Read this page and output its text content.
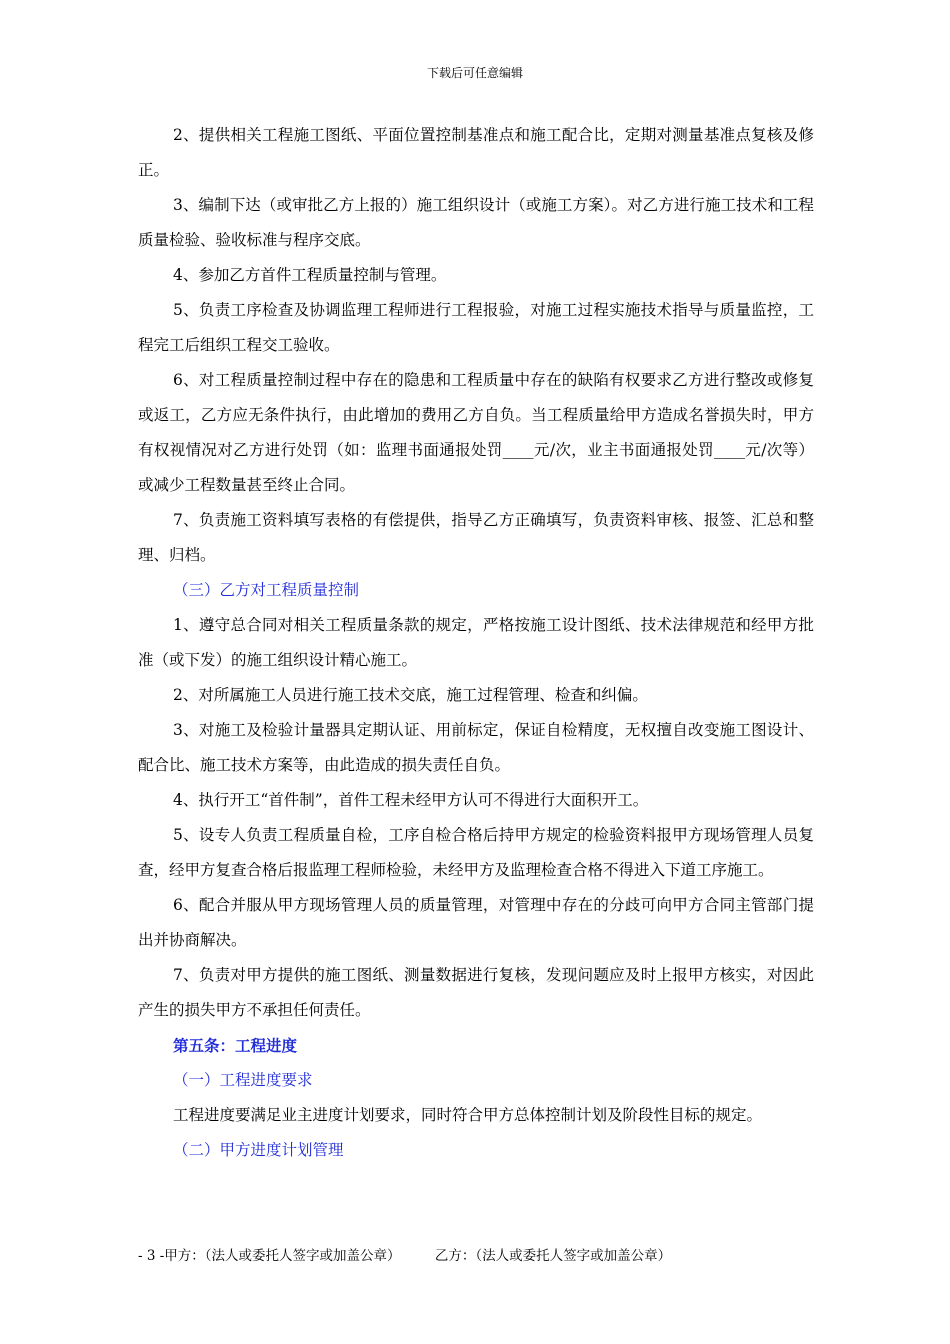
下载后可任意编辑

2、提供相关工程施工图纸、平面位置控制基准点和施工配合比，定期对测量基准点复核及修正。

3、编制下达（或审批乙方上报的）施工组织设计（或施工方案）。对乙方进行施工技术和工程质量检验、验收标准与程序交底。

4、参加乙方首件工程质量控制与管理。

5、负责工序检查及协调监理工程师进行工程报验，对施工过程实施技术指导与质量监控，工程完工后组织工程交工验收。

6、对工程质量控制过程中存在的隐患和工程质量中存在的缺陷有权要求乙方进行整改或修复或返工，乙方应无条件执行，由此增加的费用乙方自负。当工程质量给甲方造成名誉损失时，甲方有权视情况对乙方进行处罚（如：监理书面通报处罚____元/次，业主书面通报处罚____元/次等）或减少工程数量甚至终止合同。

7、负责施工资料填写表格的有偿提供，指导乙方正确填写，负责资料审核、报签、汇总和整理、归档。

（三）乙方对工程质量控制

1、遵守总合同对相关工程质量条款的规定，严格按施工设计图纸、技术法律规范和经甲方批准（或下发）的施工组织设计精心施工。

2、对所属施工人员进行施工技术交底，施工过程管理、检查和纠偏。

3、对施工及检验计量器具定期认证、用前标定，保证自检精度，无权擅自改变施工图设计、配合比、施工技术方案等，由此造成的损失责任自负。

4、执行开工“首件制”，首件工程未经甲方认可不得进行大面积开工。

5、设专人负责工程质量自检，工序自检合格后持甲方规定的检验资料报甲方现场管理人员复查，经甲方复查合格后报监理工程师检验，未经甲方及监理检查合格不得进入下道工序施工。

6、配合并服从甲方现场管理人员的质量管理，对管理中存在的分歧可向甲方合同主管部门提出并协商解决。

7、负责对甲方提供的施工图纸、测量数据进行复核，发现问题应及时上报甲方核实，对因此产生的损失甲方不承担任何责任。

第五条：工程进度

（一）工程进度要求

工程进度要满足业主进度计划要求，同时符合甲方总体控制计划及阶段性目标的规定。

（二）甲方进度计划管理

- 3 -甲方：（法人或委托人签字或加盖公章）	乙方：（法人或委托人签字或加盖公章）
